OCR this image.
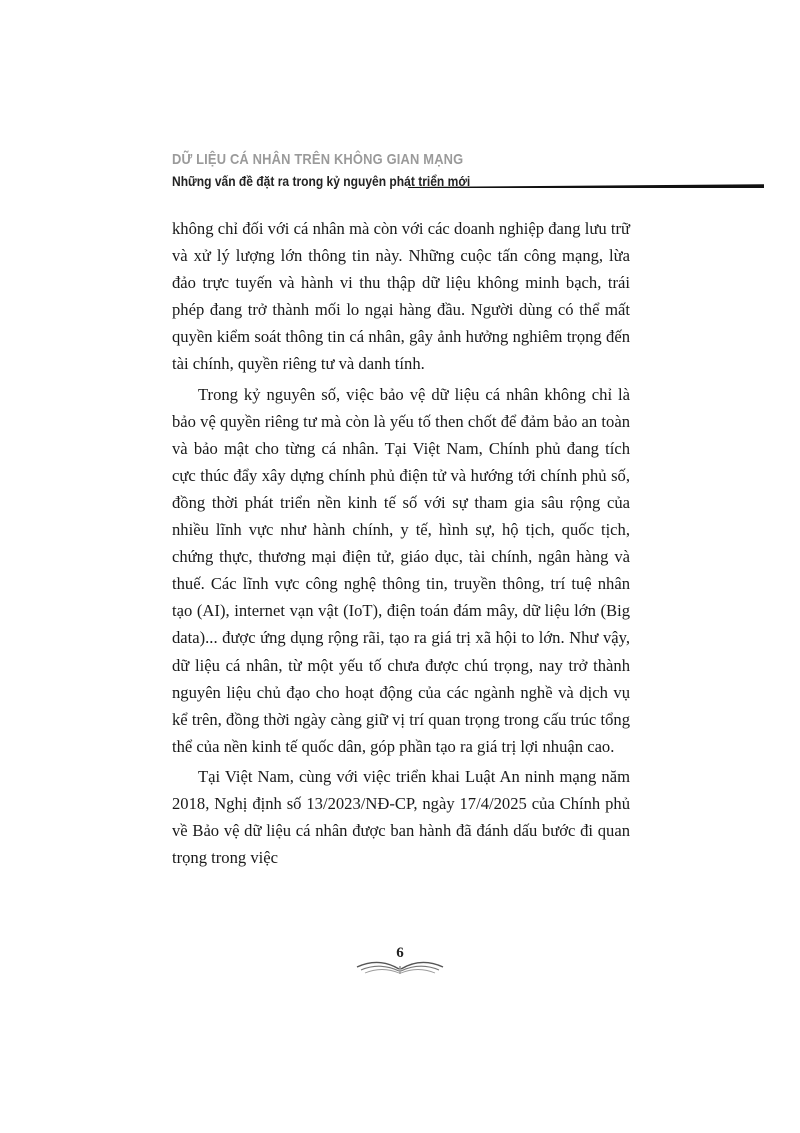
DỮ LIỆU CÁ NHÂN TRÊN KHÔNG GIAN MẠNG
Những vấn đề đặt ra trong kỷ nguyên phát triển mới

không chỉ đối với cá nhân mà còn với các doanh nghiệp đang lưu trữ và xử lý lượng lớn thông tin này. Những cuộc tấn công mạng, lừa đảo trực tuyến và hành vi thu thập dữ liệu không minh bạch, trái phép đang trở thành mối lo ngại hàng đầu. Người dùng có thể mất quyền kiểm soát thông tin cá nhân, gây ảnh hưởng nghiêm trọng đến tài chính, quyền riêng tư và danh tính.

Trong kỷ nguyên số, việc bảo vệ dữ liệu cá nhân không chỉ là bảo vệ quyền riêng tư mà còn là yếu tố then chốt để đảm bảo an toàn và bảo mật cho từng cá nhân. Tại Việt Nam, Chính phủ đang tích cực thúc đẩy xây dựng chính phủ điện tử và hướng tới chính phủ số, đồng thời phát triển nền kinh tế số với sự tham gia sâu rộng của nhiều lĩnh vực như hành chính, y tế, hình sự, hộ tịch, quốc tịch, chứng thực, thương mại điện tử, giáo dục, tài chính, ngân hàng và thuế. Các lĩnh vực công nghệ thông tin, truyền thông, trí tuệ nhân tạo (AI), internet vạn vật (IoT), điện toán đám mây, dữ liệu lớn (Big data)... được ứng dụng rộng rãi, tạo ra giá trị xã hội to lớn. Như vậy, dữ liệu cá nhân, từ một yếu tố chưa được chú trọng, nay trở thành nguyên liệu chủ đạo cho hoạt động của các ngành nghề và dịch vụ kể trên, đồng thời ngày càng giữ vị trí quan trọng trong cấu trúc tổng thể của nền kinh tế quốc dân, góp phần tạo ra giá trị lợi nhuận cao.

Tại Việt Nam, cùng với việc triển khai Luật An ninh mạng năm 2018, Nghị định số 13/2023/NĐ-CP, ngày 17/4/2025 của Chính phủ về Bảo vệ dữ liệu cá nhân được ban hành đã đánh dấu bước đi quan trọng trong việc

6
